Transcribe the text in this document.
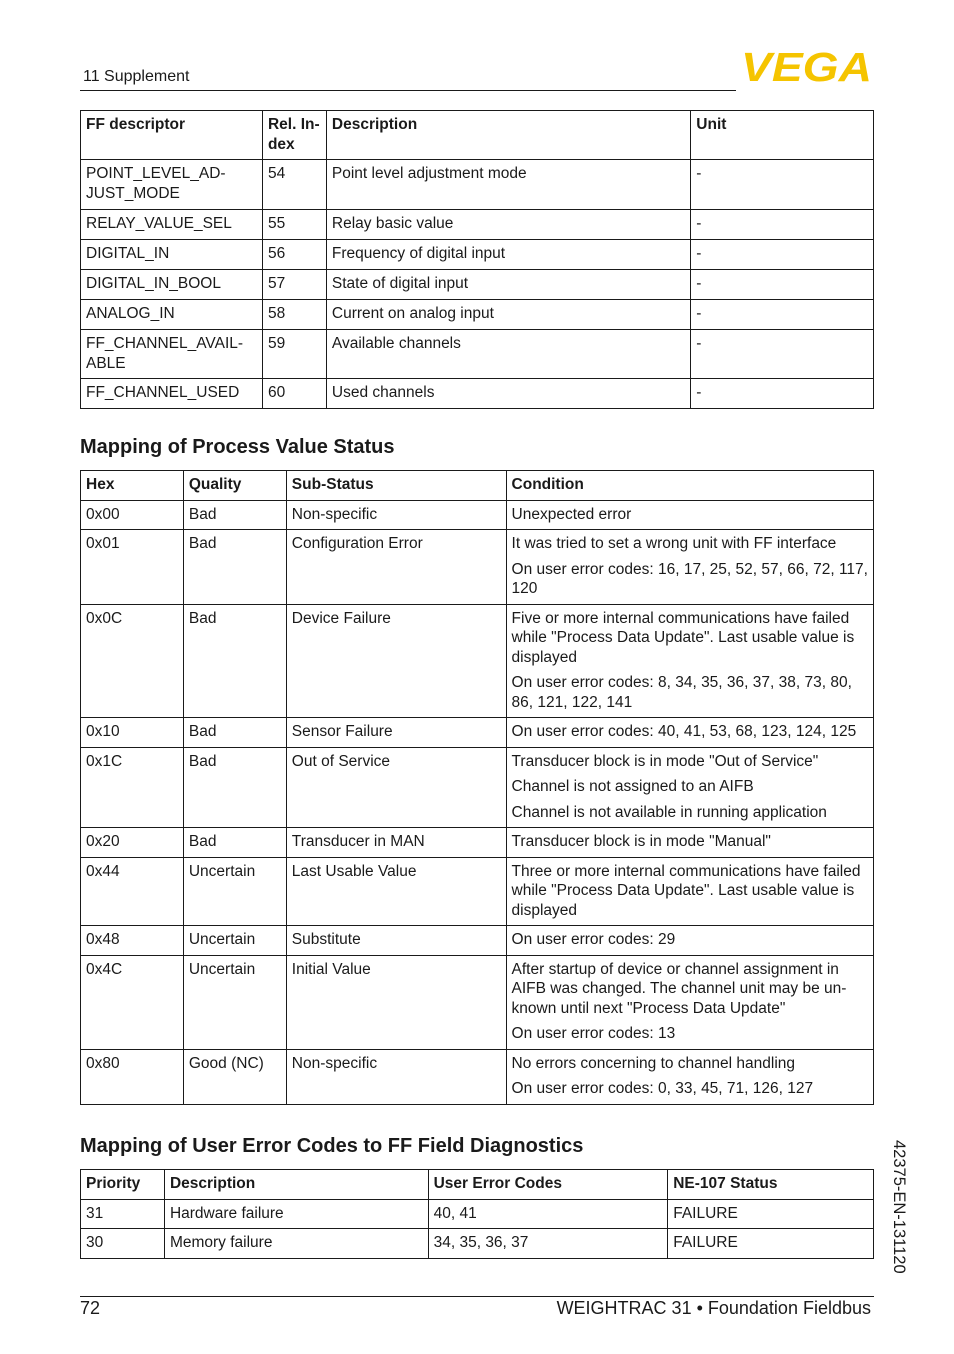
11 Supplement	VEGA
FF descriptor	Rel. In-dex	Description	Unit
POINT_LEVEL_AD-JUST_MODE	54	Point level adjustment mode	-
RELAY_VALUE_SEL	55	Relay basic value	-
DIGITAL_IN	56	Frequency of digital input	-
DIGITAL_IN_BOOL	57	State of digital input	-
ANALOG_IN	58	Current on analog input	-
FF_CHANNEL_AVAIL-ABLE	59	Available channels	-
FF_CHANNEL_USED	60	Used channels	-
Mapping of Process Value Status
Hex	Quality	Sub-Status	Condition
0x00	Bad	Non-specific	Unexpected error

0x01	Bad	Configuration Error	It was tried to set a wrong unit with FF interface
On user error codes: 16, 17, 25, 52, 57, 66, 72, 117, 120

0x0C	Bad	Device Failure	Five or more internal communications have failed while "Process Data Update". Last usable value is displayed
On user error codes: 8, 34, 35, 36, 37, 38, 73, 80, 86, 121, 122, 141

0x10	Bad	Sensor Failure	On user error codes: 40, 41, 53, 68, 123, 124, 125

0x1C	Bad	Out of Service	Transducer block is in mode "Out of Service"
Channel is not assigned to an AIFB
Channel is not available in running application

0x20	Bad	Transducer in MAN	Transducer block is in mode "Manual"

0x44	Uncertain	Last Usable Value	Three or more internal communications have failed while "Process Data Update". Last usable value is displayed

0x48	Uncertain	Substitute	On user error codes: 29

0x4C	Uncertain	Initial Value	After startup of device or channel assignment in AIFB was changed. The channel unit may be un-known until next "Process Data Update"
On user error codes: 13

0x80	Good (NC)	Non-specific	No errors concerning to channel handling
On user error codes: 0, 33, 45, 71, 126, 127
Mapping of User Error Codes to FF Field Diagnostics
Priority	Description	User Error Codes	NE-107 Status
31	Hardware failure	40, 41	FAILURE
30	Memory failure	34, 35, 36, 37	FAILURE	42375-EN-131120
72	WEIGHTRAC 31 • Foundation Fieldbus
